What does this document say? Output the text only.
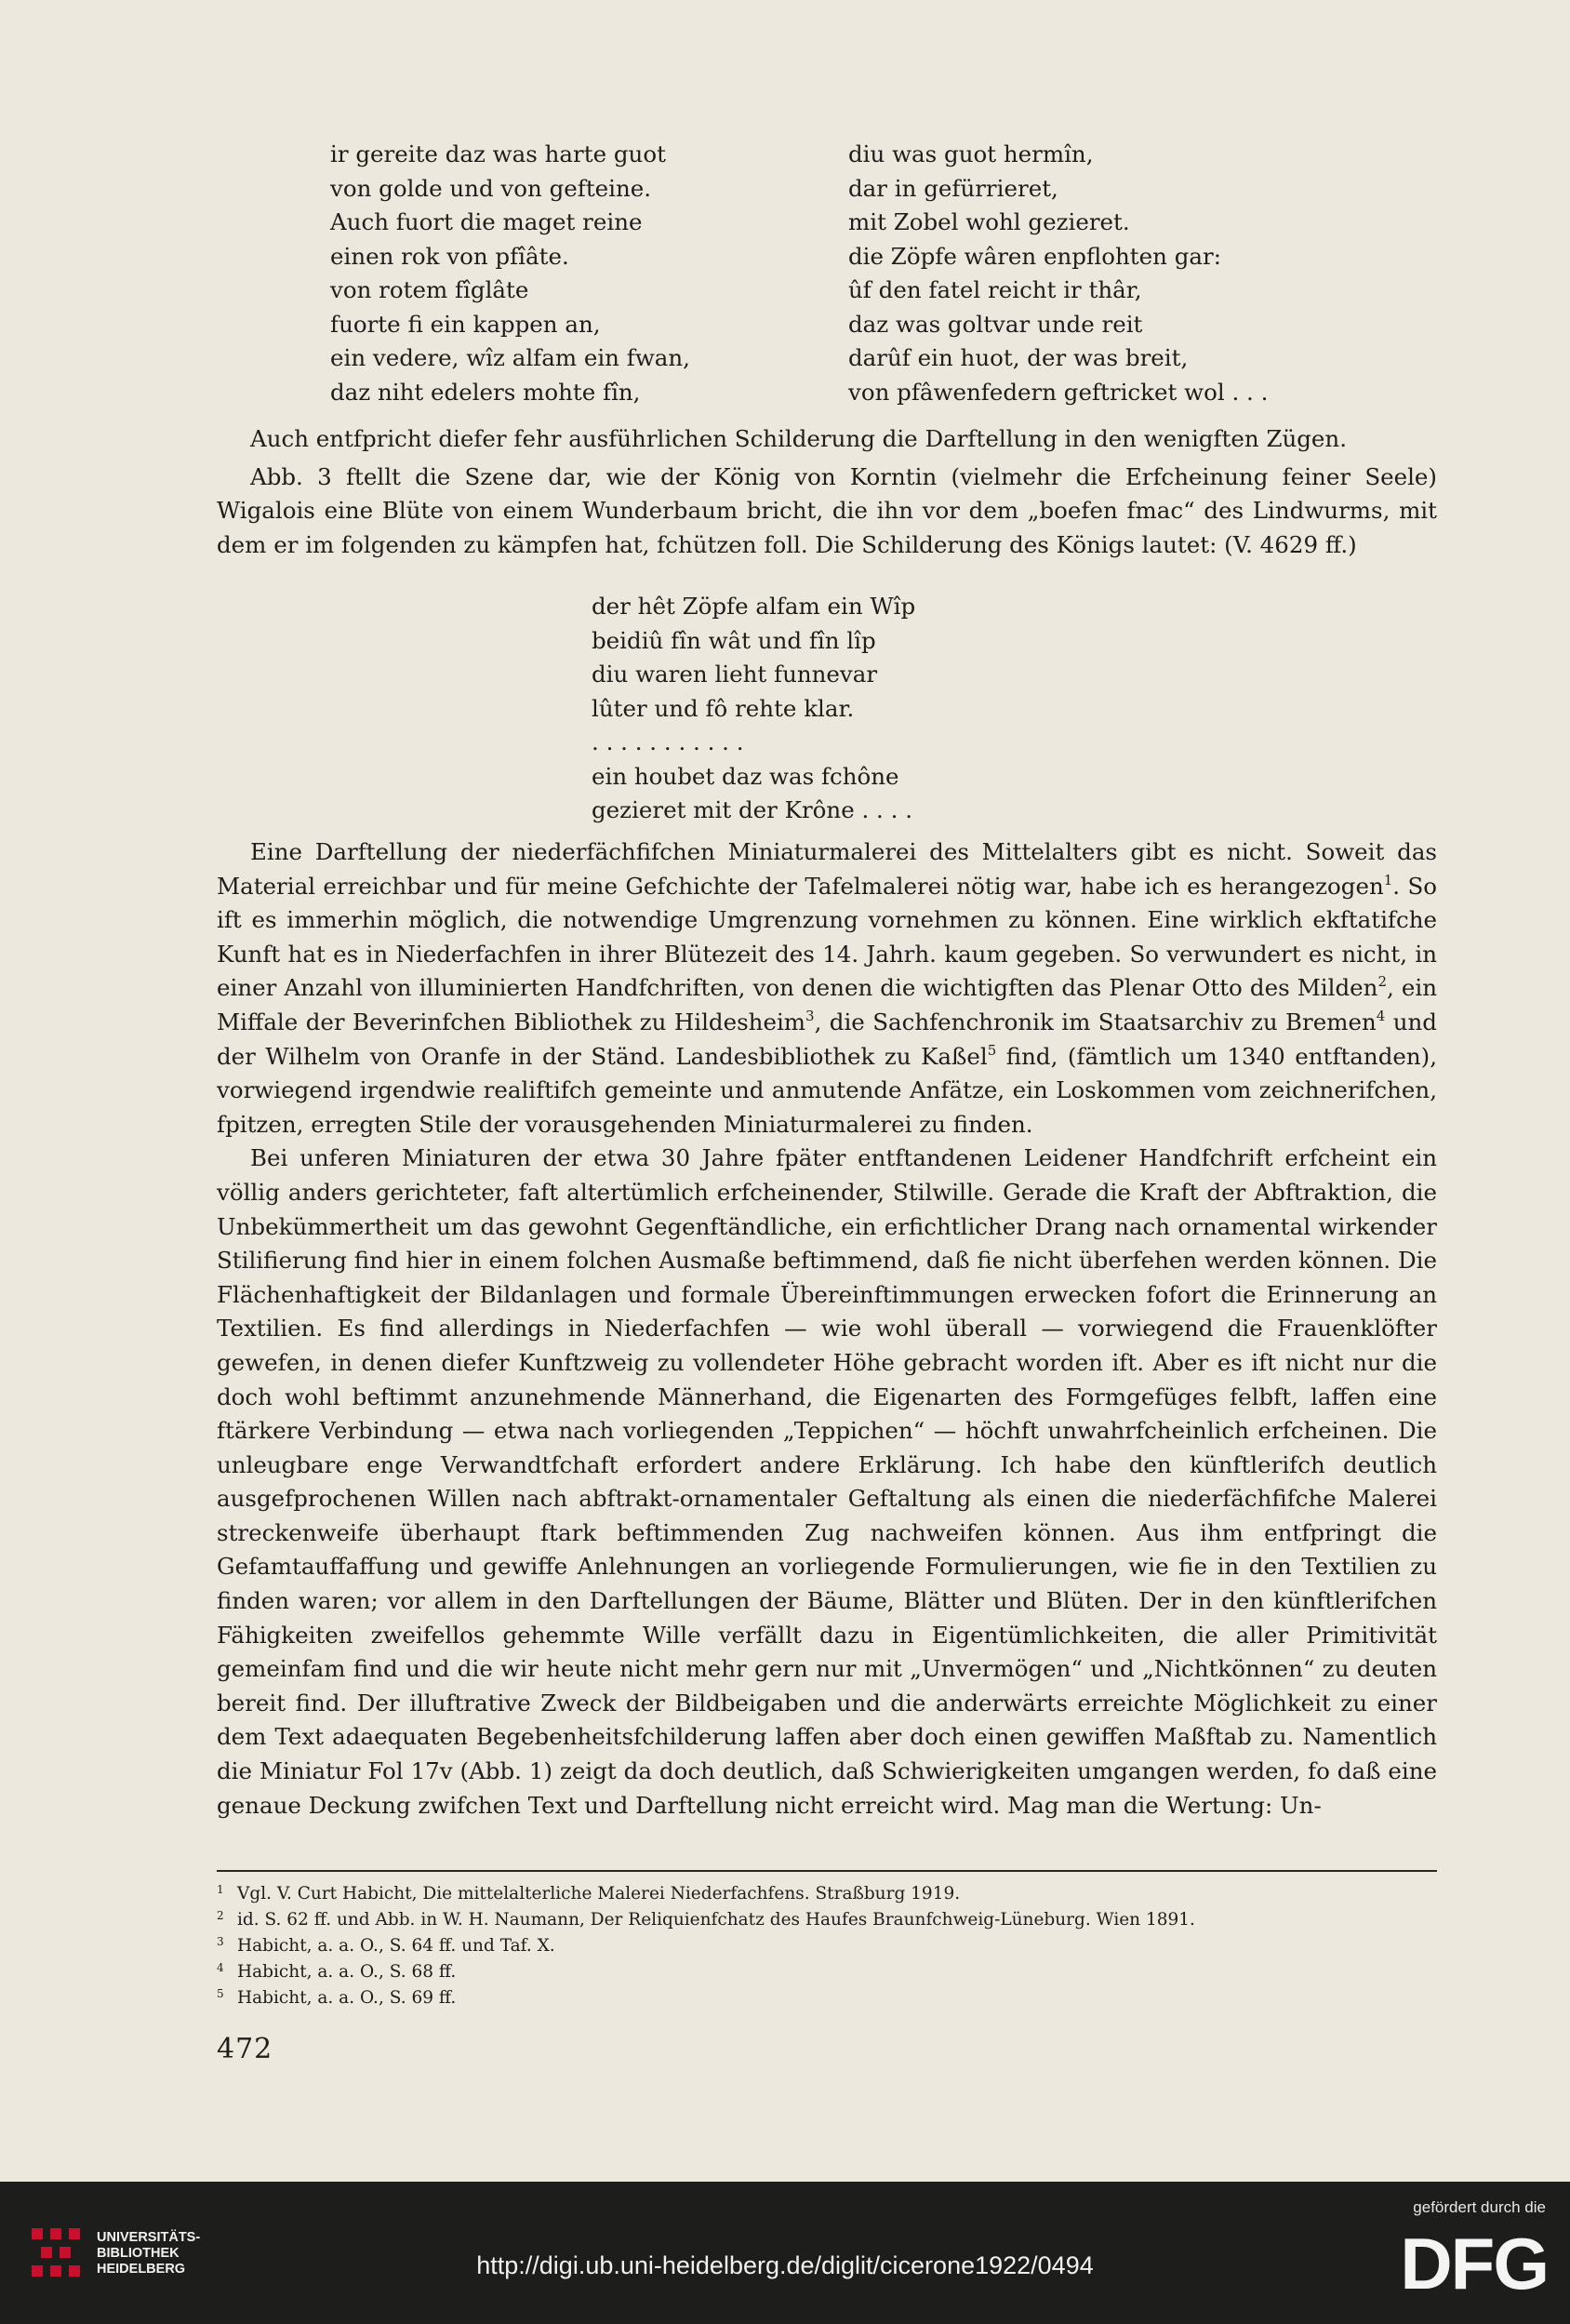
ir gereite daz was harte guot
von golde und von gefteine.
Auch fuort die maget reine
einen rok von pfîâte.
von rotem fîglâte
fuorte fi ein kappen an,
ein vedere, wîz alfam ein fwan,
daz niht edelers mohte fîn,
diu was guot hermîn,
dar in gefürrieret,
mit Zobel wohl gezieret.
die Zöpfe wâren enpflohten gar:
ûf den fatel reicht ir thâr,
daz was goltvar unde reit
darûf ein huot, der was breit,
von pfâwenfedern geftricket wol . . .

Auch entfpricht diefer fehr ausführlichen Schilderung die Darftellung in den wenigften Zügen.

Abb. 3 ftellt die Szene dar, wie der König von Korntin (vielmehr die Erfcheinung feiner Seele) Wigalois eine Blüte von einem Wunderbaum bricht, die ihn vor dem „boefen fmac“ des Lindwurms, mit dem er im folgenden zu kämpfen hat, fchützen foll. Die Schilderung des Königs lautet: (V. 4629 ff.)

der hêt Zöpfe alfam ein Wîp
beidiû fîn wât und fîn lîp
diu waren lieht funnevar
lûter und fô rehte klar.
. . . . . . . . . . .
ein houbet daz was fchône
gezieret mit der Krône . . . .

Eine Darftellung der niederfächfifchen Miniaturmalerei des Mittelalters gibt es nicht. Soweit das Material erreichbar und für meine Gefchichte der Tafelmalerei nötig war, habe ich es herangezogen$^1$. So ift es immerhin möglich, die notwendige Umgrenzung vornehmen zu können. Eine wirklich ekftatifche Kunft hat es in Niederfachfen in ihrer Blütezeit des 14. Jahrh. kaum gegeben. So verwundert es nicht, in einer Anzahl von illuminierten Handfchriften, von denen die wichtigften das Plenar Otto des Milden$^2$, ein Miffale der Beverinfchen Bibliothek zu Hildesheim$^3$, die Sachfenchronik im Staatsarchiv zu Bremen$^4$ und der Wilhelm von Oranfe in der Ständ. Landesbibliothek zu Kaßel$^5$ find, (fämtlich um 1340 entftanden), vorwiegend irgendwie realiftifch gemeinte und anmutende Anfätze, ein Loskommen vom zeichnerifchen, fpitzen, erregten Stile der vorausgehenden Miniaturmalerei zu finden.

Bei unferen Miniaturen der etwa 30 Jahre fpäter entftandenen Leidener Handfchrift erfcheint ein völlig anders gerichteter, faft altertümlich erfcheinender, Stilwille. Gerade die Kraft der Abftraktion, die Unbekümmertheit um das gewohnt Gegenftändliche, ein erfichtlicher Drang nach ornamental wirkender Stilifierung find hier in einem folchen Ausmaße beftimmend, daß fie nicht überfehen werden können. Die Flächenhaftigkeit der Bildanlagen und formale Übereinftimmungen erwecken fofort die Erinnerung an Textilien. Es find allerdings in Niederfachfen — wie wohl überall — vorwiegend die Frauenklöfter gewefen, in denen diefer Kunftzweig zu vollendeter Höhe gebracht worden ift. Aber es ift nicht nur die doch wohl beftimmt anzunehmende Männerhand, die Eigenarten des Formgefüges felbft, laffen eine ftärkere Verbindung — etwa nach vorliegenden „Teppichen“ — höchft unwahrfcheinlich erfcheinen. Die unleugbare enge Verwandtfchaft erfordert andere Erklärung. Ich habe den künftlerifch deutlich ausgefprochenen Willen nach abftrakt-ornamentaler Geftaltung als einen die niederfächfifche Malerei streckenweife überhaupt ftark beftimmenden Zug nachweifen können. Aus ihm entfpringt die Gefamtauffaffung und gewiffe Anlehnungen an vorliegende Formulierungen, wie fie in den Textilien zu finden waren; vor allem in den Darftellungen der Bäume, Blätter und Blüten. Der in den künftlerifchen Fähigkeiten zweifellos gehemmte Wille verfällt dazu in Eigentümlichkeiten, die aller Primitivität gemeinfam find und die wir heute nicht mehr gern nur mit „Unvermögen“ und „Nichtkönnen“ zu deuten bereit find. Der illuftrative Zweck der Bildbeigaben und die anderwärts erreichte Möglichkeit zu einer dem Text adaequaten Begebenheitsfchilderung laffen aber doch einen gewiffen Maßftab zu. Namentlich die Miniatur Fol 17v (Abb. 1) zeigt da doch deutlich, daß Schwierigkeiten umgangen werden, fo daß eine genaue Deckung zwifchen Text und Darftellung nicht erreicht wird. Mag man die Wertung: Un-

1 Vgl. V. Curt Habicht, Die mittelalterliche Malerei Niederfachfens. Straßburg 1919.
2 id. S. 62 ff. und Abb. in W. H. Naumann, Der Reliquienfchatz des Haufes Braunfchweig-Lüneburg. Wien 1891.
3 Habicht, a. a. O., S. 64 ff. und Taf. X.
4 Habicht, a. a. O., S. 68 ff.
5 Habicht, a. a. O., S. 69 ff.
472
UNIVERSITÄTS-
BIBLIOTHEK
HEIDELBERG	http://digi.ub.uni-heidelberg.de/diglit/cicerone1922/0494
gefördert durch die
DFG
